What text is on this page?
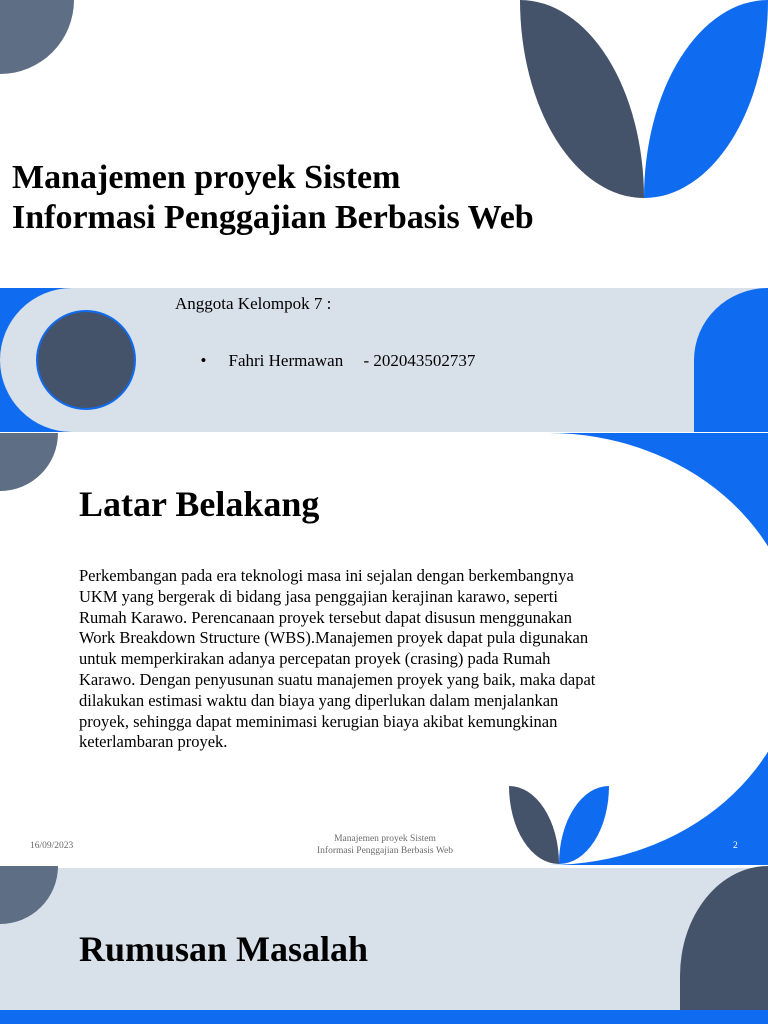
Manajemen proyek Sistem
Informasi Penggajian Berbasis Web
Anggota Kelompok 7 :

• Fahri Hermawan - 202043502737

Latar Belakang
Perkembangan pada era teknologi masa ini sejalan dengan berkembangnya
UKM yang bergerak di bidang jasa penggajian kerajinan karawo, seperti
Rumah Karawo. Perencanaan proyek tersebut dapat disusun menggunakan
Work Breakdown Structure (WBS).Manajemen proyek dapat pula digunakan
untuk memperkirakan adanya percepatan proyek (crasing) pada Rumah
Karawo. Dengan penyusunan suatu manajemen proyek yang baik, maka dapat
dilakukan estimasi waktu dan biaya yang diperlukan dalam menjalankan
proyek, sehingga dapat meminimasi kerugian biaya akibat kemungkinan
keterlambaran proyek.
16/09/2023
Manajemen proyek Sistem
Informasi Penggajian Berbasis Web	2
Rumusan Masalah
